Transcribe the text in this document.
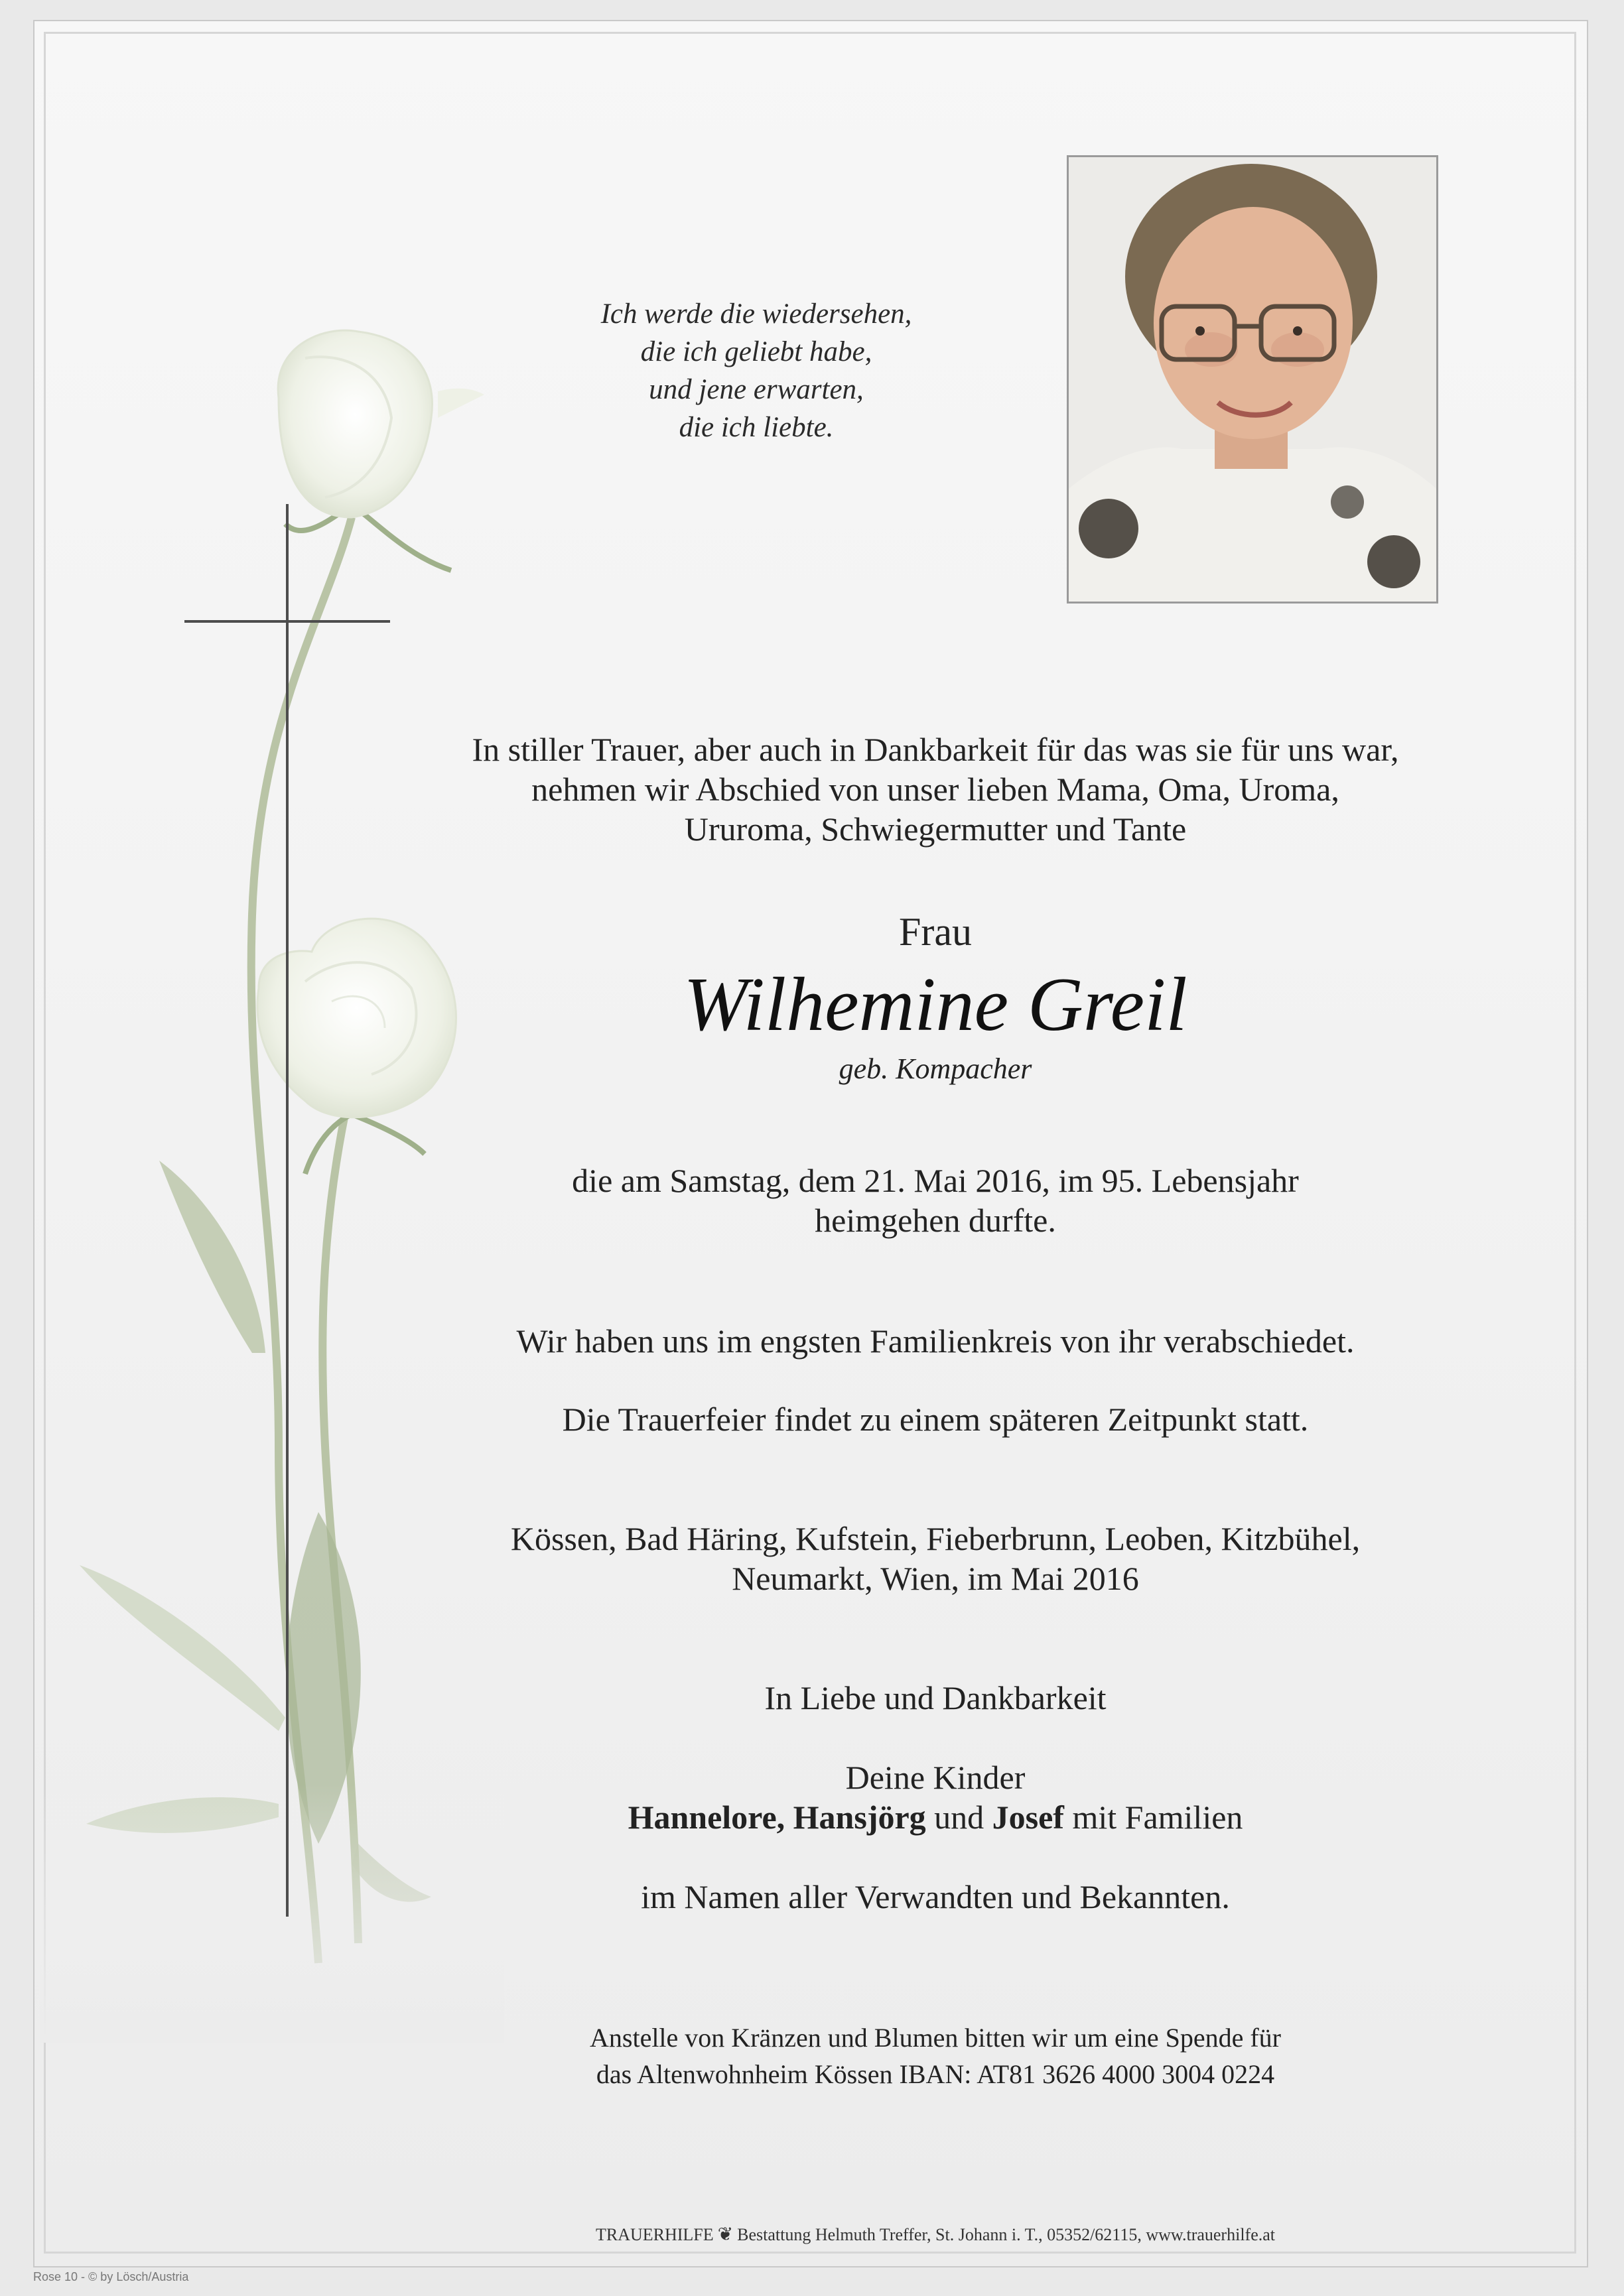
Ich werde die wiedersehen,
die ich geliebt habe,
und jene erwarten,
die ich liebte.
In stiller Trauer, aber auch in Dankbarkeit für das was sie für uns war,
nehmen wir Abschied von unser lieben Mama, Oma, Uroma,
Ururoma, Schwiegermutter und Tante
Frau
Wilhemine Greil
geb. Kompacher
die am Samstag, dem 21. Mai 2016, im 95. Lebensjahr
heimgehen durfte.
Wir haben uns im engsten Familienkreis von ihr verabschiedet.
Die Trauerfeier findet zu einem späteren Zeitpunkt statt.
Kössen, Bad Häring, Kufstein, Fieberbrunn, Leoben, Kitzbühel,
Neumarkt, Wien, im Mai 2016
In Liebe und Dankbarkeit
Deine Kinder
Hannelore, Hansjörg und Josef mit Familien
im Namen aller Verwandten und Bekannten.
Anstelle von Kränzen und Blumen bitten wir um eine Spende für
das Altenwohnheim Kössen IBAN: AT81 3626 4000 3004 0224
TRAUERHILFE ❦ Bestattung Helmuth Treffer, St. Johann i. T., 05352/62115, www.trauerhilfe.at
Rose 10 - © by Lösch/Austria
